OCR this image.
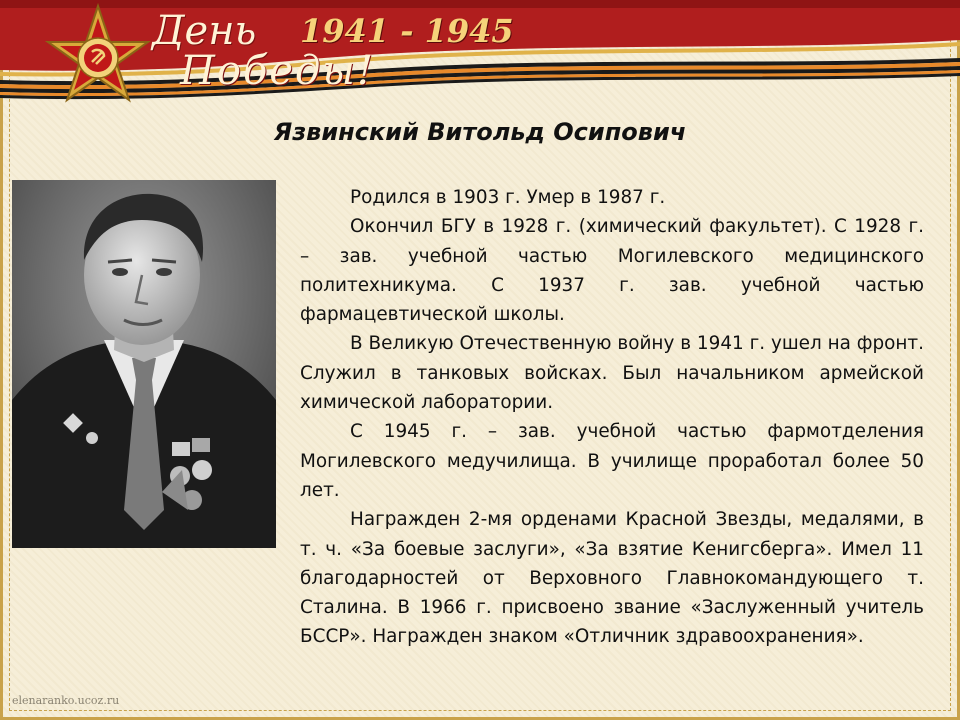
День 1941 - 1945
Победы!
Язвинский Витольд Осипович

Родился в 1903 г. Умер в 1987 г.

Окончил БГУ в 1928 г. (химический факультет). С 1928 г. – зав. учебной частью Могилевского медицинского политехникума. С 1937 г. зав. учебной частью фармацевтической школы.

В Великую Отечественную войну в 1941 г. ушел на фронт. Служил в танковых войсках. Был начальником армейской химической лаборатории.

С 1945 г. – зав. учебной частью фармотделения Могилевского медучилища. В училище проработал более 50 лет.

Награжден 2-мя орденами Красной Звезды, медалями, в т. ч. «За боевые заслуги», «За взятие Кенигсберга». Имел 11 благодарностей от Верховного Главнокомандующего т. Сталина. В 1966 г. присвоено звание «Заслуженный учитель БССР». Награжден знаком «Отличник здравоохранения».

elenaranko.ucoz.ru
